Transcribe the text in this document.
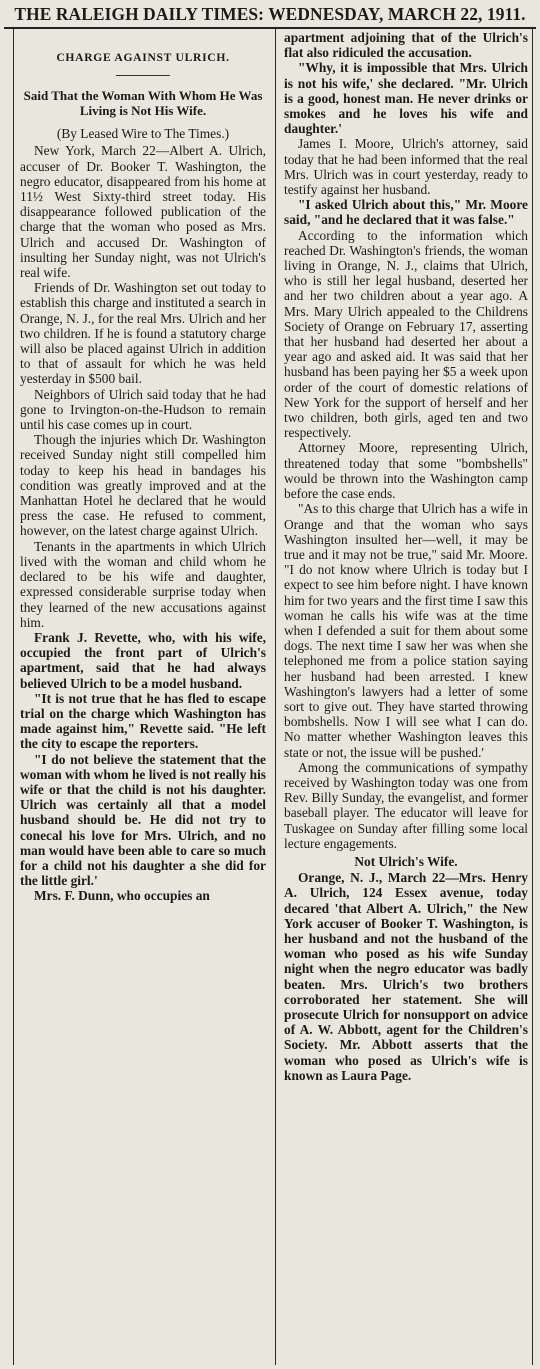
THE RALEIGH DAILY TIMES: WEDNESDAY, MARCH 22, 1911.
CHARGE AGAINST ULRICH.
Said That the Woman With Whom He Was Living is Not His Wife.
(By Leased Wire to The Times.)

New York, March 22—Albert A. Ulrich, accuser of Dr. Booker T. Washington, the negro educator, disappeared from his home at 11½ West Sixty-third street today. His disappearance followed publication of the charge that the woman who posed as Mrs. Ulrich and accused Dr. Washington of insulting her Sunday night, was not Ulrich's real wife.

Friends of Dr. Washington set out today to establish this charge and instituted a search in Orange, N. J., for the real Mrs. Ulrich and her two children. If he is found a statutory charge will also be placed against Ulrich in addition to that of assault for which he was held yesterday in $500 bail.

Neighbors of Ulrich said today that he had gone to Irvington-on-the-Hudson to remain until his case comes up in court.

Though the injuries which Dr. Washington received Sunday night still compelled him today to keep his head in bandages his condition was greatly improved and at the Manhattan Hotel he declared that he would press the case. He refused to comment, however, on the latest charge against Ulrich.

Tenants in the apartments in which Ulrich lived with the woman and child whom he declared to be his wife and daughter, expressed considerable surprise today when they learned of the new accusations against him.

Frank J. Revette, who, with his wife, occupied the front part of Ulrich's apartment, said that he had always believed Ulrich to be a model husband.

"It is not true that he has fled to escape trial on the charge which Washington has made against him," Revette said. "He left the city to escape the reporters.

"I do not believe the statement that the woman with whom he lived is not really his wife or that the child is not his daughter. Ulrich was certainly all that a model husband should be. He did not try to conecal his love for Mrs. Ulrich, and no man would have been able to care so much for a child not his daughter a she did for the little girl.'

Mrs. F. Dunn, who occupies an

apartment adjoining that of the Ulrich's flat also ridiculed the accusation.

"Why, it is impossible that Mrs. Ulrich is not his wife,' she declared. "Mr. Ulrich is a good, honest man. He never drinks or smokes and he loves his wife and daughter.'

James I. Moore, Ulrich's attorney, said today that he had been informed that the real Mrs. Ulrich was in court yesterday, ready to testify against her husband.

"I asked Ulrich about this," Mr. Moore said, "and he declared that it was false."

According to the information which reached Dr. Washington's friends, the woman living in Orange, N. J., claims that Ulrich, who is still her legal husband, deserted her and her two children about a year ago. A Mrs. Mary Ulrich appealed to the Childrens Society of Orange on February 17, asserting that her husband had deserted her about a year ago and asked aid. It was said that her husband has been paying her $5 a week upon order of the court of domestic relations of New York for the support of herself and her two children, both girls, aged ten and two respectively.

Attorney Moore, representing Ulrich, threatened today that some "bombshells" would be thrown into the Washington camp before the case ends.

"As to this charge that Ulrich has a wife in Orange and that the woman who says Washington insulted her—well, it may be true and it may not be true," said Mr. Moore. "I do not know where Ulrich is today but I expect to see him before night. I have known him for two years and the first time I saw this woman he calls his wife was at the time when I defended a suit for them about some dogs. The next time I saw her was when she telephoned me from a police station saying her husband had been arrested. I knew Washington's lawyers had a letter of some sort to give out. They have started throwing bombshells. Now I will see what I can do. No matter whether Washington leaves this state or not, the issue will be pushed.'

Among the communications of sympathy received by Washington today was one from Rev. Billy Sunday, the evangelist, and former baseball player. The educator will leave for Tuskagee on Sunday after filling some local lecture engagements.

Not Ulrich's Wife.

Orange, N. J., March 22—Mrs. Henry A. Ulrich, 124 Essex avenue, today decared 'that Albert A. Ulrich," the New York accuser of Booker T. Washington, is her husband and not the husband of the woman who posed as his wife Sunday night when the negro educator was badly beaten. Mrs. Ulrich's two brothers corroborated her statement. She will prosecute Ulrich for nonsupport on advice of A. W. Abbott, agent for the Children's Society. Mr. Abbott asserts that the woman who posed as Ulrich's wife is known as Laura Page.
